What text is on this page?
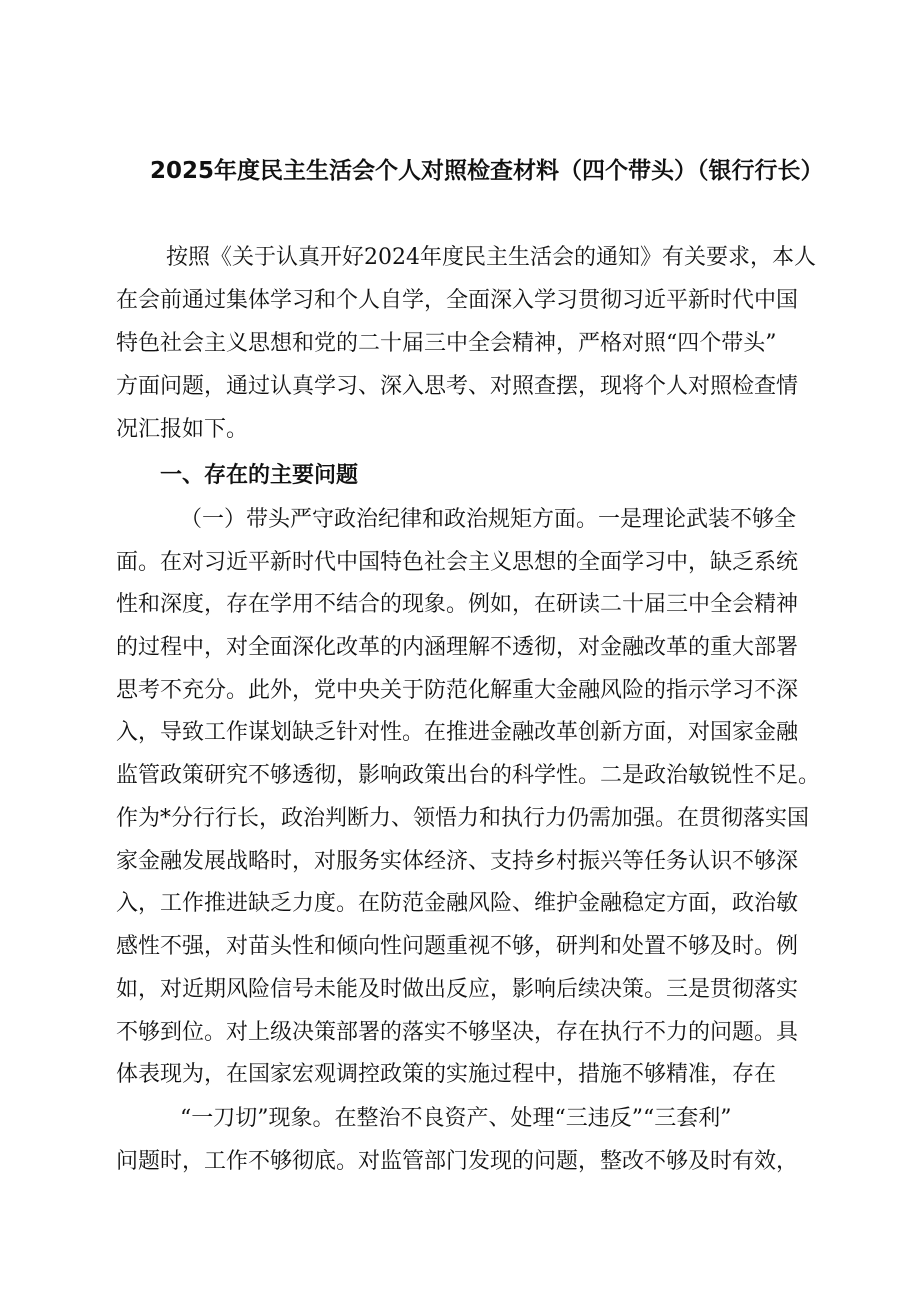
2025年度民主生活会个人对照检查材料（四个带头）（银行行长）

按照《关于认真开好2024年度民主生活会的通知》有关要求，本人

在会前通过集体学习和个人自学，全面深入学习贯彻习近平新时代中国

特色社会主义思想和党的二十届三中全会精神，严格对照“四个带头”

方面问题，通过认真学习、深入思考、对照查摆，现将个人对照检查情

况汇报如下。

一、存在的主要问题

（一）带头严守政治纪律和政治规矩方面。一是理论武装不够全

面。在对习近平新时代中国特色社会主义思想的全面学习中，缺乏系统

性和深度，存在学用不结合的现象。例如，在研读二十届三中全会精神

的过程中，对全面深化改革的内涵理解不透彻，对金融改革的重大部署

思考不充分。此外，党中央关于防范化解重大金融风险的指示学习不深

入，导致工作谋划缺乏针对性。在推进金融改革创新方面，对国家金融

监管政策研究不够透彻，影响政策出台的科学性。二是政治敏锐性不足。

作为*分行行长，政治判断力、领悟力和执行力仍需加强。在贯彻落实国

家金融发展战略时，对服务实体经济、支持乡村振兴等任务认识不够深

入，工作推进缺乏力度。在防范金融风险、维护金融稳定方面，政治敏

感性不强，对苗头性和倾向性问题重视不够，研判和处置不够及时。例

如，对近期风险信号未能及时做出反应，影响后续决策。三是贯彻落实

不够到位。对上级决策部署的落实不够坚决，存在执行不力的问题。具

体表现为，在国家宏观调控政策的实施过程中，措施不够精准，存在

“一刀切”现象。在整治不良资产、处理“三违反”“三套利”

问题时，工作不够彻底。对监管部门发现的问题，整改不够及时有效，
